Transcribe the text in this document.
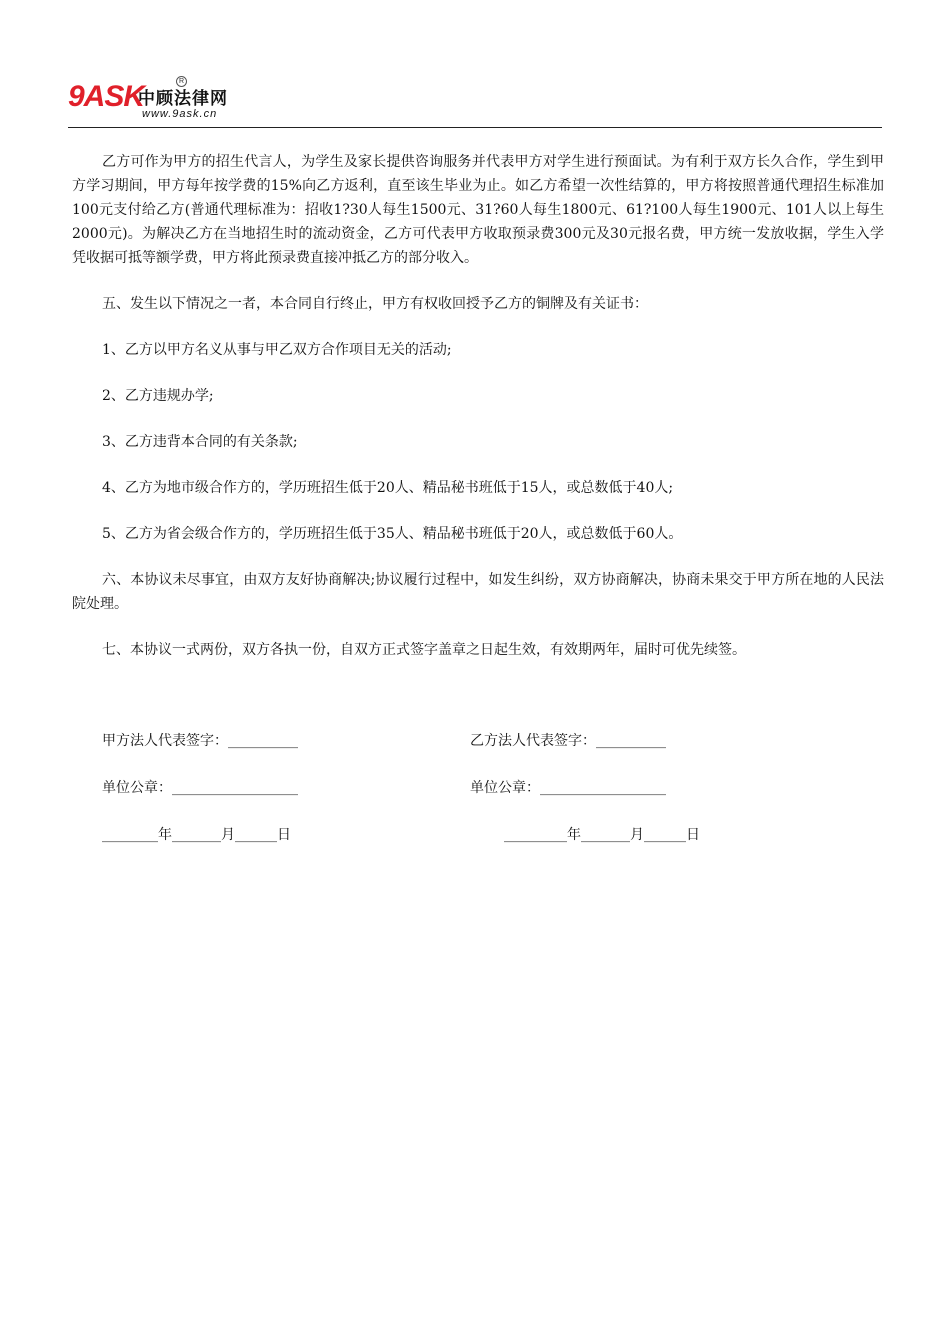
9ASK	R
中顾法律网
www.9ask.cn

乙方可作为甲方的招生代言人，为学生及家长提供咨询服务并代表甲方对学生进行预面试。为有利于双方长久合作，学生到甲方学习期间，甲方每年按学费的15%向乙方返利，直至该生毕业为止。如乙方希望一次性结算的，甲方将按照普通代理招生标准加100元支付给乙方(普通代理标准为：招收1?30人每生1500元、31?60人每生1800元、61?100人每生1900元、101人以上每生2000元)。为解决乙方在当地招生时的流动资金，乙方可代表甲方收取预录费300元及30元报名费，甲方统一发放收据，学生入学凭收据可抵等额学费，甲方将此预录费直接冲抵乙方的部分收入。

五、发生以下情况之一者，本合同自行终止，甲方有权收回授予乙方的铜牌及有关证书：

1、乙方以甲方名义从事与甲乙双方合作项目无关的活动;

2、乙方违规办学;

3、乙方违背本合同的有关条款;

4、乙方为地市级合作方的，学历班招生低于20人、精品秘书班低于15人，或总数低于40人;

5、乙方为省会级合作方的，学历班招生低于35人、精品秘书班低于20人，或总数低于60人。

六、本协议未尽事宜，由双方友好协商解决;协议履行过程中，如发生纠纷，双方协商解决，协商未果交于甲方所在地的人民法院处理。

七、本协议一式两份，双方各执一份，自双方正式签字盖章之日起生效，有效期两年，届时可优先续签。

甲方法人代表签字：__________	乙方法人代表签字：__________
单位公章：__________________	单位公章：__________________
________年_______月______日	_________年_______月______日
